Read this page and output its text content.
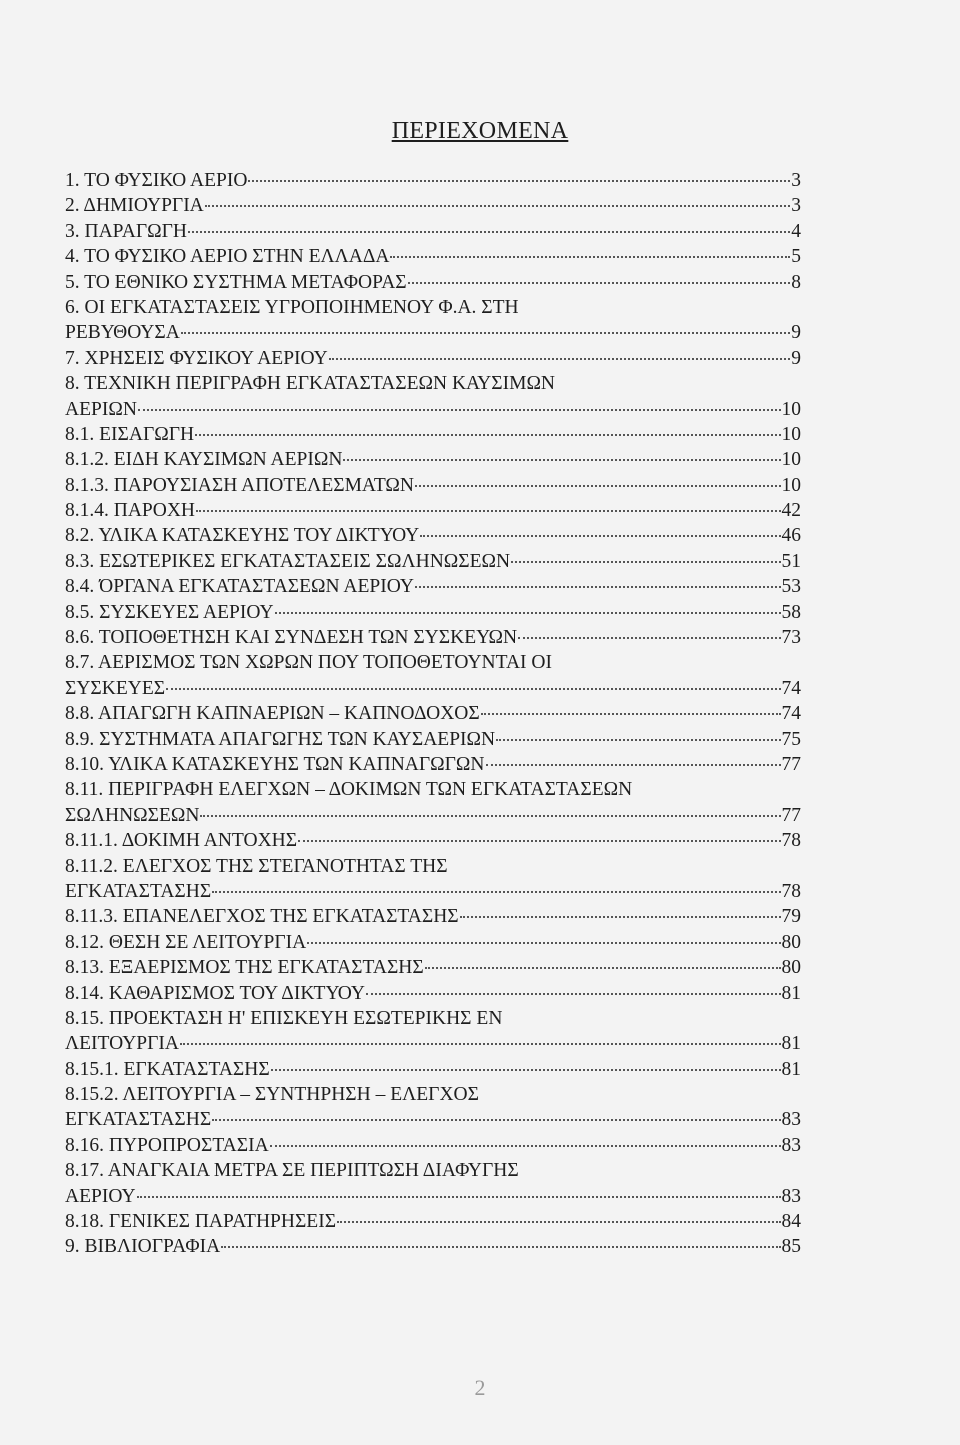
ΠΕΡΙΕΧΟΜΕΝΑ
1. ΤΟ ΦΥΣΙΚΟ ΑΕΡΙΟ	3
2. ΔΗΜΙΟΥΡΓΙΑ	3
3. ΠΑΡΑΓΩΓΗ	4
4. ΤΟ ΦΥΣΙΚΟ ΑΕΡΙΟ ΣΤΗΝ ΕΛΛΑΔΑ	5
5. ΤΟ ΕΘΝΙΚΟ ΣΥΣΤΗΜΑ ΜΕΤΑΦΟΡΑΣ	8
6. ΟΙ ΕΓΚΑΤΑΣΤΑΣΕΙΣ ΥΓΡΟΠΟΙΗΜΕΝΟΥ Φ.Α. ΣΤΗ
ΡΕΒΥΘΟΥΣΑ	9
7. ΧΡΗΣΕΙΣ ΦΥΣΙΚΟΥ ΑΕΡΙΟΥ	9
8. ΤΕΧΝΙΚΗ ΠΕΡΙΓΡΑΦΗ ΕΓΚΑΤΑΣΤΑΣΕΩΝ ΚΑΥΣΙΜΩΝ
ΑΕΡΙΩΝ	10
8.1. ΕΙΣΑΓΩΓΗ	10
8.1.2. ΕΙΔΗ ΚΑΥΣΙΜΩΝ ΑΕΡΙΩΝ	10
8.1.3. ΠΑΡΟΥΣΙΑΣΗ ΑΠΟΤΕΛΕΣΜΑΤΩΝ	10
8.1.4. ΠΑΡΟΧΗ	42
8.2. ΥΛΙΚΑ ΚΑΤΑΣΚΕΥΗΣ ΤΟΥ ΔΙΚΤΥΟΥ	46
8.3. ΕΣΩΤΕΡΙΚΕΣ ΕΓΚΑΤΑΣΤΑΣΕΙΣ ΣΩΛΗΝΩΣΕΩΝ	51
8.4. ΌΡΓΑΝΑ ΕΓΚΑΤΑΣΤΑΣΕΩΝ ΑΕΡΙΟΥ	53
8.5. ΣΥΣΚΕΥΕΣ ΑΕΡΙΟΥ	58
8.6. ΤΟΠΟΘΕΤΗΣΗ ΚΑΙ ΣΥΝΔΕΣΗ ΤΩΝ ΣΥΣΚΕΥΩΝ	73
8.7. ΑΕΡΙΣΜΟΣ ΤΩΝ ΧΩΡΩΝ ΠΟΥ ΤΟΠΟΘΕΤΟΥΝΤΑΙ ΟΙ
ΣΥΣΚΕΥΕΣ	74
8.8. ΑΠΑΓΩΓΗ ΚΑΠΝΑΕΡΙΩΝ – ΚΑΠΝΟΔΟΧΟΣ	74
8.9. ΣΥΣΤΗΜΑΤΑ ΑΠΑΓΩΓΗΣ ΤΩΝ ΚΑΥΣΑΕΡΙΩΝ	75
8.10. ΥΛΙΚΑ ΚΑΤΑΣΚΕΥΗΣ ΤΩΝ ΚΑΠΝΑΓΩΓΩΝ	77
8.11. ΠΕΡΙΓΡΑΦΗ ΕΛΕΓΧΩΝ – ΔΟΚΙΜΩΝ ΤΩΝ ΕΓΚΑΤΑΣΤΑΣΕΩΝ
ΣΩΛΗΝΩΣΕΩΝ	77
8.11.1. ΔΟΚΙΜΗ ΑΝΤΟΧΗΣ	78
8.11.2. ΕΛΕΓΧΟΣ ΤΗΣ ΣΤΕΓΑΝΟΤΗΤΑΣ ΤΗΣ
ΕΓΚΑΤΑΣΤΑΣΗΣ	78
8.11.3. ΕΠΑΝΕΛΕΓΧΟΣ ΤΗΣ ΕΓΚΑΤΑΣΤΑΣΗΣ	79
8.12. ΘΕΣΗ ΣΕ ΛΕΙΤΟΥΡΓΙΑ	80
8.13. ΕΞΑΕΡΙΣΜΟΣ ΤΗΣ ΕΓΚΑΤΑΣΤΑΣΗΣ	80
8.14. ΚΑΘΑΡΙΣΜΟΣ ΤΟΥ ΔΙΚΤΥΟΥ	81
8.15. ΠΡΟΕΚΤΑΣΗ Η' ΕΠΙΣΚΕΥΗ ΕΣΩΤΕΡΙΚΗΣ ΕΝ
ΛΕΙΤΟΥΡΓΙΑ	81
8.15.1. ΕΓΚΑΤΑΣΤΑΣΗΣ	81
8.15.2. ΛΕΙΤΟΥΡΓΙΑ – ΣΥΝΤΗΡΗΣΗ – ΕΛΕΓΧΟΣ
ΕΓΚΑΤΑΣΤΑΣΗΣ	83
8.16. ΠΥΡΟΠΡΟΣΤΑΣΙΑ	83
8.17. ΑΝΑΓΚΑΙΑ ΜΕΤΡΑ ΣΕ ΠΕΡΙΠΤΩΣΗ ΔΙΑΦΥΓΗΣ
ΑΕΡΙΟΥ	83
8.18. ΓΕΝΙΚΕΣ ΠΑΡΑΤΗΡΗΣΕΙΣ	84
9. ΒΙΒΛΙΟΓΡΑΦΙΑ	85
2
